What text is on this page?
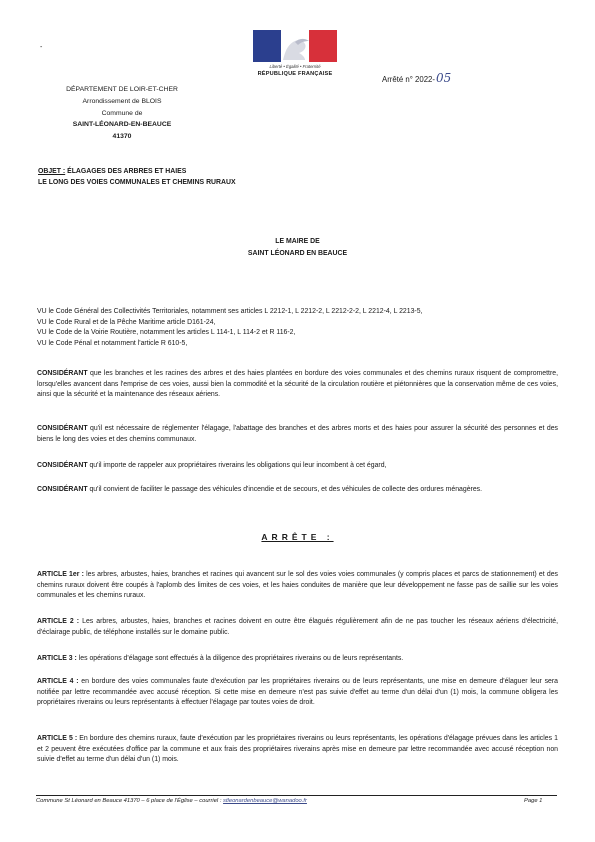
-
Liberté • Égalité • Fraternité
RÉPUBLIQUE FRANÇAISE
Arrêté n° 2022-05
DÉPARTEMENT DE LOIR-ET-CHER
Arrondissement de BLOIS
Commune de
SAINT-LÉONARD-EN-BEAUCE
41370
OBJET : ÉLAGAGES DES ARBRES ET HAIES
LE LONG DES VOIES COMMUNALES ET CHEMINS RURAUX
LE MAIRE DE
SAINT LÉONARD EN BEAUCE
VU le Code Général des Collectivités Territoriales, notamment ses articles L 2212-1, L 2212-2, L 2212-2-2, L 2212-4, L 2213-5,
VU le Code Rural et de la Pêche Maritime article D161-24,
VU le Code de la Voirie Routière, notamment les articles L 114-1, L 114-2 et R 116-2,
VU le Code Pénal et notamment l'article R 610-5,
CONSIDÉRANT que les branches et les racines des arbres et des haies plantées en bordure des voies communales et des chemins ruraux risquent de compromettre, lorsqu'elles avancent dans l'emprise de ces voies, aussi bien la commodité et la sécurité de la circulation routière et piétonnières que la conservation même de ces voies, ainsi que la sécurité et la maintenance des réseaux aériens.
CONSIDÉRANT qu'il est nécessaire de réglementer l'élagage, l'abattage des branches et des arbres morts et des haies pour assurer la sécurité des personnes et des biens le long des voies et des chemins communaux.
CONSIDÉRANT qu'il importe de rappeler aux propriétaires riverains les obligations qui leur incombent à cet égard,
CONSIDÉRANT qu'il convient de faciliter le passage des véhicules d'incendie et de secours, et des véhicules de collecte des ordures ménagères.
ARRÊTE :
ARTICLE 1er : les arbres, arbustes, haies, branches et racines qui avancent sur le sol des voies voies communales (y compris places et parcs de stationnement) et des chemins ruraux doivent être coupés à l'aplomb des limites de ces voies, et les haies conduites de manière que leur développement ne fasse pas de saillie sur les voies communales et les chemins ruraux.
ARTICLE 2 : Les arbres, arbustes, haies, branches et racines doivent en outre être élagués régulièrement afin de ne pas toucher les réseaux aériens d'électricité, d'éclairage public, de téléphone installés sur le domaine public.
ARTICLE 3 : les opérations d'élagage sont effectués à la diligence des propriétaires riverains ou de leurs représentants.
ARTICLE 4 : en bordure des voies communales faute d'exécution par les propriétaires riverains ou de leurs représentants, une mise en demeure d'élaguer leur sera notifiée par lettre recommandée avec accusé réception. Si cette mise en demeure n'est pas suivie d'effet au terme d'un délai d'un (1) mois, la commune obligera les propriétaires riverains ou leurs représentants à effectuer l'élagage par toutes voies de droit.
ARTICLE 5 : En bordure des chemins ruraux, faute d'exécution par les propriétaires riverains ou leurs représentants, les opérations d'élagage prévues dans les articles 1 et 2 peuvent être exécutées d'office par la commune et aux frais des propriétaires riverains après mise en demeure par lettre recommandée avec accusé réception non suivie d'effet au terme d'un délai d'un (1) mois.
Commune St Léonard en Beauce 41370 – 6 place de l'Église – courriel : stleonardenbeauce@wanadoo.fr	Page 1
